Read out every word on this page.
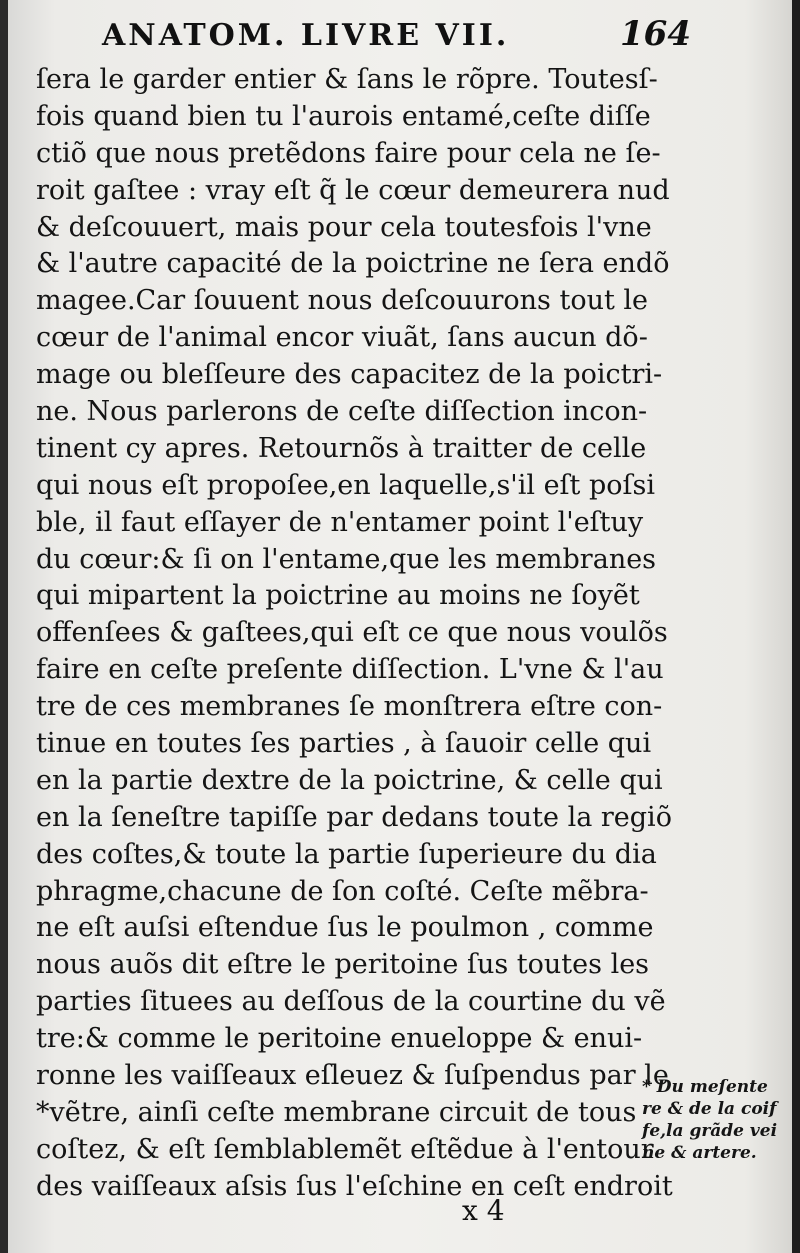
ANATOM. LIVRE VII.	164
ſera le garder entier & ſans le rõpre. Toutesſ-
fois quand bien tu l'aurois entamé,ceſte diſſe
ctiõ que nous pretẽdons faire pour cela ne ſe-
roit gaſtee : vray eſt q̃ le cœur demeurera nud
& deſcouuert, mais pour cela toutesfois l'vne
& l'autre capacité de la poictrine ne ſera endõ
magee.Car ſouuent nous deſcouurons tout le
cœur de l'animal encor viuãt, ſans aucun dõ-
mage ou bleſſeure des capacitez de la poictri-
ne. Nous parlerons de ceſte diſſection incon-
tinent cy apres. Retournõs à traitter de celle
qui nous eſt propoſee,en laquelle,s'il eſt poſsi
ble, il faut eſſayer de n'entamer point l'eſtuy
du cœur:& ſi on l'entame,que les membranes
qui mipartent la poictrine au moins ne ſoyẽt
offenſees & gaſtees,qui eſt ce que nous voulõs
faire en ceſte preſente diſſection. L'vne & l'au
tre de ces membranes ſe monſtrera eſtre con-
tinue en toutes ſes parties , à ſauoir celle qui
en la partie dextre de la poictrine, & celle qui
en la ſeneſtre tapiſſe par dedans toute la regiõ
des coſtes,& toute la partie ſuperieure du dia
phragme,chacune de ſon coſté. Ceſte mẽbra-
ne eſt auſsi eſtendue ſus le poulmon , comme
nous auõs dit eſtre le peritoine ſus toutes les
parties ſituees au deſſous de la courtine du vẽ
tre:& comme le peritoine enueloppe & enui-
ronne les vaiſſeaux eſleuez & ſuſpendus par le
*vẽtre, ainſi ceſte membrane circuit de tous
coſtez, & eſt ſemblablemẽt eſtẽdue à l'entour
des vaiſſeaux aſsis ſus l'eſchine en ceſt endroit
* Du meſente
re & de la coif
fe,la grãde vei
ne & artere.
x 4
